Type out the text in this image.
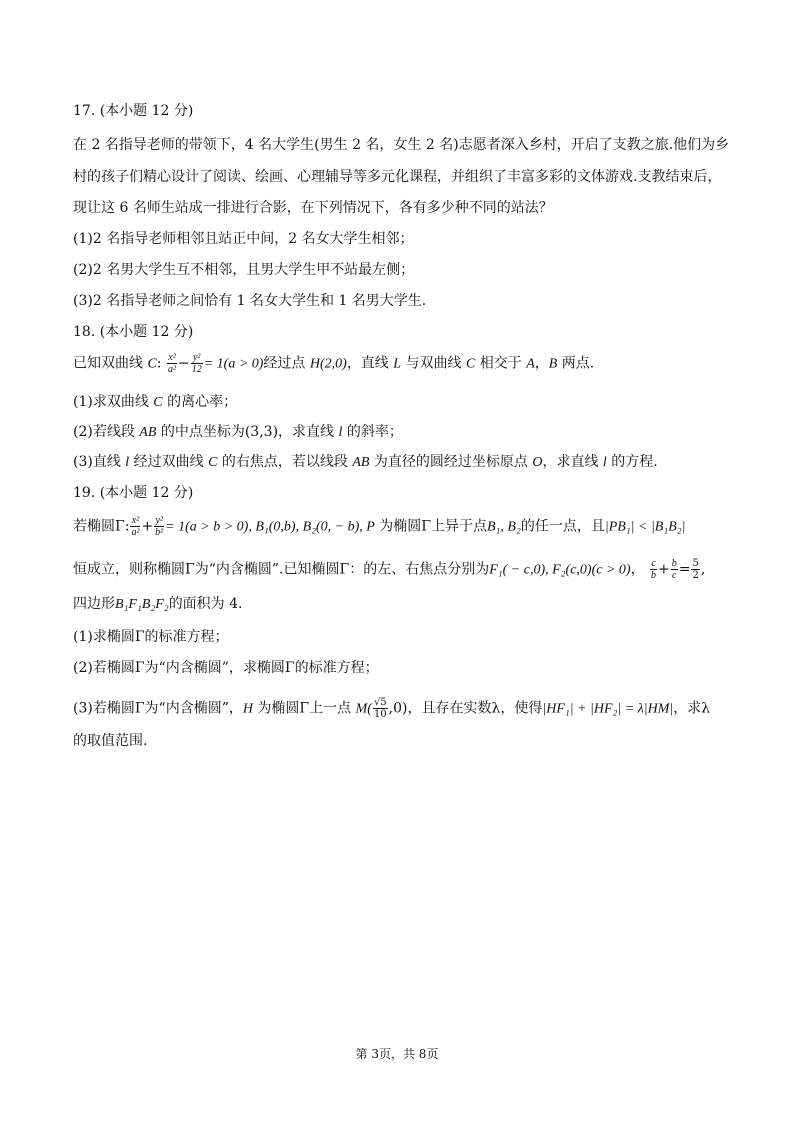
17. (本小题 12 分)
在 2 名指导老师的带领下，4 名大学生(男生 2 名，女生 2 名)志愿者深入乡村，开启了支教之旅.他们为乡
村的孩子们精心设计了阅读、绘画、心理辅导等多元化课程，并组织了丰富多彩的文体游戏.支教结束后，
现让这 6 名师生站成一排进行合影，在下列情况下，各有多少种不同的站法？
(1)2 名指导老师相邻且站正中间，2 名女大学生相邻；
(2)2 名男大学生互不相邻，且男大学生甲不站最左侧；
(3)2 名指导老师之间恰有 1 名女大学生和 1 名男大学生.
18. (本小题 12 分)
已知双曲线 C: $\frac{\text{x²}}{\text{a²}} - \frac{\text{y²}}{12} = 1(a > 0)$经过点 H(2,0)，直线 L 与双曲线 C 相交于 A，B 两点.
(1)求双曲线 C 的离心率；
(2)若线段 AB 的中点坐标为(3,3)，求直线 l 的斜率；
(3)直线 l 经过双曲线 C 的右焦点，若以线段 AB 为直径的圆经过坐标原点 O，求直线 l 的方程.
19. (本小题 12 分)
若椭圆Γ: $\frac{\text{x²}}{\text{a²}} + \frac{\text{y²}}{\text{b²}} = 1(a > b > 0)$, B₁(0,b), B₂(0, − b), P 为椭圆Γ上异于点B₁, B₂的任一点，且|PB₁| < |B₁B₂|
恒成立，则称椭圆Γ为“内含椭圆”.已知椭圆Γ：的左、右焦点分别为F₁( − c,0), F₂(c,0)(c > 0)， $\frac{c}{b} + \frac{b}{c} = \frac{5}{2}$ ,
四边形B₁F₁B₂F₂的面积为 4.
(1)求椭圆Γ的标准方程；
(2)若椭圆Γ为“内含椭圆”，求椭圆Γ的标准方程；
(3)若椭圆Γ为“内含椭圆”，H 为椭圆Γ上一点 $M( \frac{√5}{10} ,0)$，且存在实数λ，使得|HF₁| + |HF₂| = λ|HM|，求λ
的取值范围.
第 3页，共 8页
